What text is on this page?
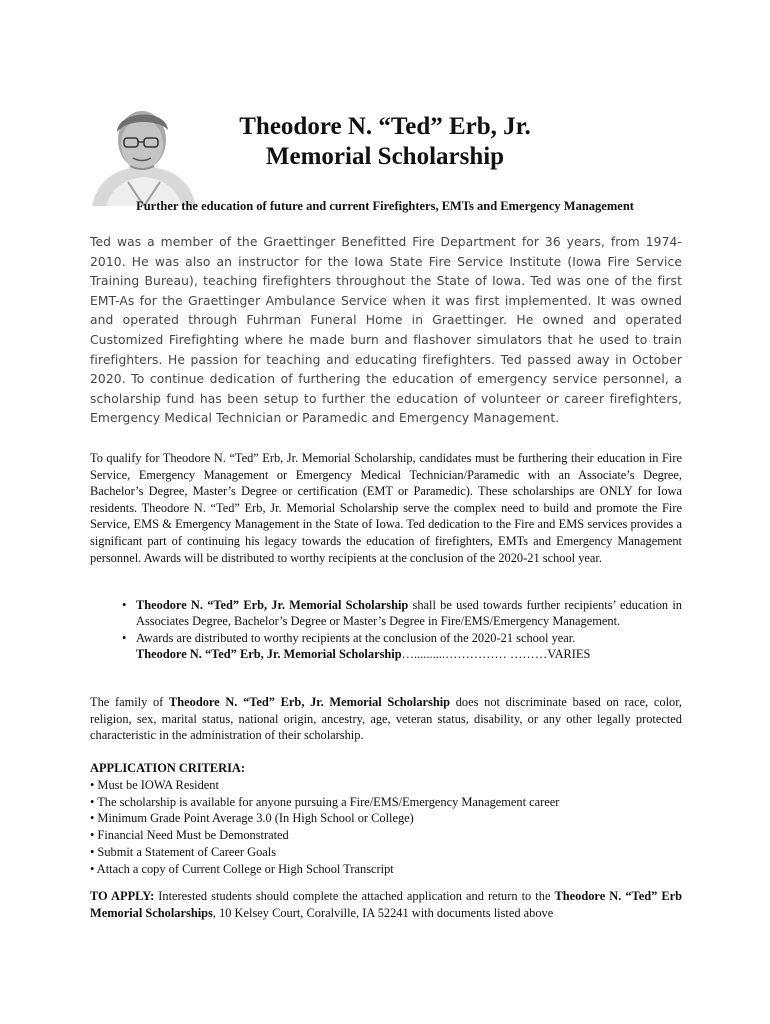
Theodore N. “Ted” Erb, Jr.
Memorial Scholarship
Further the education of future and current Firefighters, EMTs and Emergency Management
Ted was a member of the Graettinger Benefitted Fire Department for 36 years, from 1974-2010. He was also an instructor for the Iowa State Fire Service Institute (Iowa Fire Service Training Bureau), teaching firefighters throughout the State of Iowa. Ted was one of the first EMT-As for the Graettinger Ambulance Service when it was first implemented. It was owned and operated through Fuhrman Funeral Home in Graettinger. He owned and operated Customized Firefighting where he made burn and flashover simulators that he used to train firefighters. He passion for teaching and educating firefighters. Ted passed away in October 2020. To continue dedication of furthering the education of emergency service personnel, a scholarship fund has been setup to further the education of volunteer or career firefighters, Emergency Medical Technician or Paramedic and Emergency Management.
To qualify for Theodore N. “Ted” Erb, Jr. Memorial Scholarship, candidates must be furthering their education in Fire Service, Emergency Management or Emergency Medical Technician/Paramedic with an Associate’s Degree, Bachelor’s Degree, Master’s Degree or certification (EMT or Paramedic). These scholarships are ONLY for Iowa residents. Theodore N. “Ted” Erb, Jr. Memorial Scholarship serve the complex need to build and promote the Fire Service, EMS & Emergency Management in the State of Iowa. Ted dedication to the Fire and EMS services provides a significant part of continuing his legacy towards the education of firefighters, EMTs and Emergency Management personnel. Awards will be distributed to worthy recipients at the conclusion of the 2020-21 school year.
• Theodore N. “Ted” Erb, Jr. Memorial Scholarship shall be used towards further recipients’ education in Associates Degree, Bachelor’s Degree or Master’s Degree in Fire/EMS/Emergency Management.
• Awards are distributed to worthy recipients at the conclusion of the 2020-21 school year.
Theodore N. “Ted” Erb, Jr. Memorial Scholarship…..........…………… ………VARIES
The family of Theodore N. “Ted” Erb, Jr. Memorial Scholarship does not discriminate based on race, color, religion, sex, marital status, national origin, ancestry, age, veteran status, disability, or any other legally protected characteristic in the administration of their scholarship.
APPLICATION CRITERIA:
• Must be IOWA Resident
• The scholarship is available for anyone pursuing a Fire/EMS/Emergency Management career
• Minimum Grade Point Average 3.0 (In High School or College)
• Financial Need Must be Demonstrated
• Submit a Statement of Career Goals
• Attach a copy of Current College or High School Transcript
TO APPLY: Interested students should complete the attached application and return to the Theodore N. “Ted” Erb Memorial Scholarships, 10 Kelsey Court, Coralville, IA 52241 with documents listed above
